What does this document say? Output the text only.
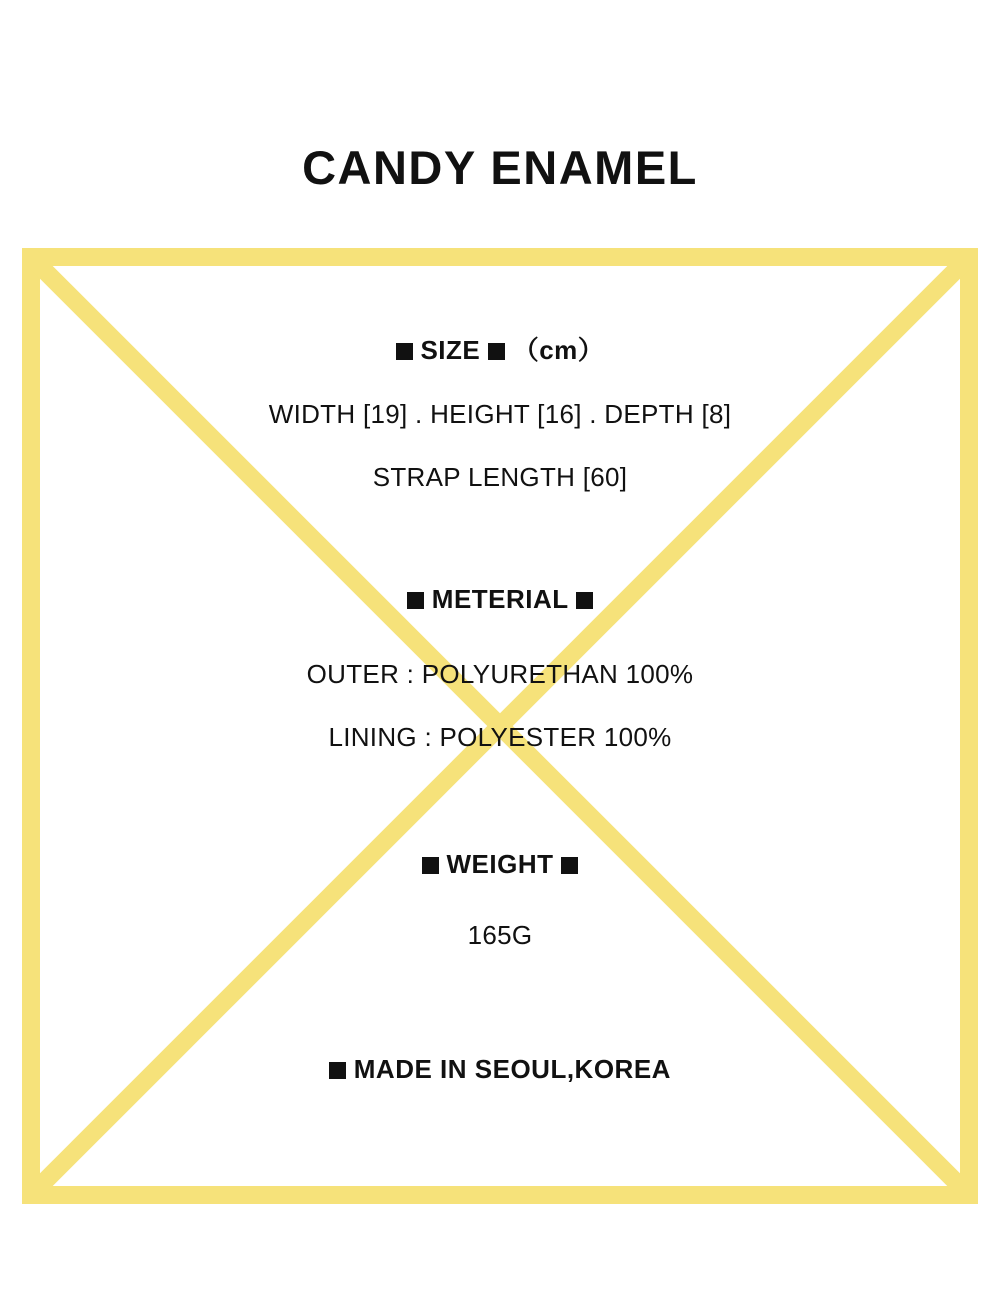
CANDY ENAMEL
SIZE （cm）
WIDTH [19] . HEIGHT [16] . DEPTH [8]
STRAP LENGTH [60]
METERIAL
OUTER : POLYURETHAN 100%
LINING : POLYESTER 100%
WEIGHT
165G
MADE IN SEOUL,KOREA
